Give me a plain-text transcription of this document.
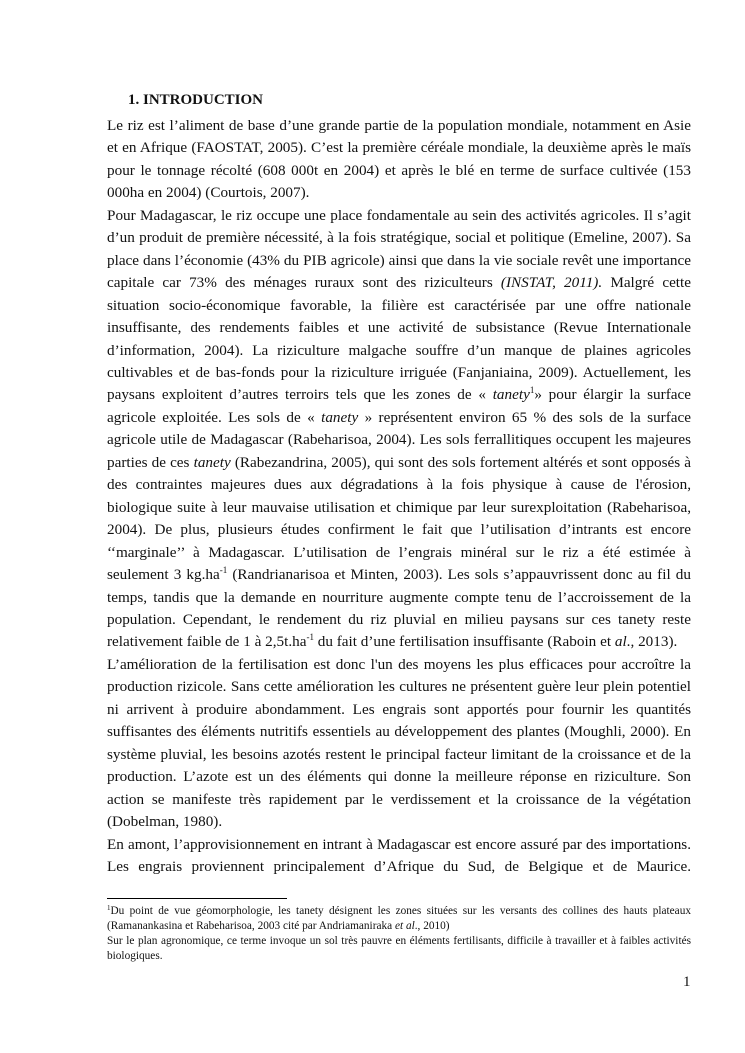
1. INTRODUCTION

Le riz est l’aliment de base d’une grande partie de la population mondiale, notamment en Asie et en Afrique (FAOSTAT, 2005). C’est la première céréale mondiale, la deuxième après le maïs pour le tonnage récolté (608 000t en 2004) et après le blé en terme de surface cultivée (153 000ha en 2004) (Courtois, 2007).

Pour Madagascar, le riz occupe une place fondamentale au sein des activités agricoles. Il s’agit d’un produit de première nécessité, à la fois stratégique, social et politique (Emeline, 2007). Sa place dans l’économie (43% du PIB agricole) ainsi que dans la vie sociale revêt une importance capitale car 73% des ménages ruraux sont des riziculteurs (INSTAT, 2011). Malgré cette situation socio-économique favorable, la filière est caractérisée par une offre nationale insuffisante, des rendements faibles et une activité de subsistance (Revue Internationale d’information, 2004). La riziculture malgache souffre d’un manque de plaines agricoles cultivables et de bas-fonds pour la riziculture irriguée (Fanjaniaina, 2009). Actuellement, les paysans exploitent d’autres terroirs tels que les zones de « tanety$^1$» pour élargir la surface agricole exploitée. Les sols de « tanety » représentent environ 65 % des sols de la surface agricole utile de Madagascar (Rabeharisoa, 2004). Les sols ferrallitiques occupent les majeures parties de ces tanety (Rabezandrina, 2005), qui sont des sols fortement altérés et sont opposés à des contraintes majeures dues aux dégradations à la fois physique à cause de l'érosion, biologique suite à leur mauvaise utilisation et chimique par leur surexploitation (Rabeharisoa, 2004). De plus, plusieurs études confirment le fait que l’utilisation d’intrants est encore ‘‘marginale’’ à Madagascar. L’utilisation de l’engrais minéral sur le riz a été estimée à seulement 3 $kg.ha^{-1}$ (Randrianarisoa et Minten, 2003). Les sols s’appauvrissent donc au fil du temps, tandis que la demande en nourriture augmente compte tenu de l’accroissement de la population. Cependant, le rendement du riz pluvial en milieu paysans sur ces tanety reste relativement faible de 1 à $2,5t.ha^{-1}$ du fait d’une fertilisation insuffisante (Raboin et al., 2013).

L’amélioration de la fertilisation est donc l'un des moyens les plus efficaces pour accroître la production rizicole. Sans cette amélioration les cultures ne présentent guère leur plein potentiel ni arrivent à produire abondamment. Les engrais sont apportés pour fournir les quantités suffisantes des éléments nutritifs essentiels au développement des plantes (Moughli, 2000). En système pluvial, les besoins azotés restent le principal facteur limitant de la croissance et de la production. L’azote est un des éléments qui donne la meilleure réponse en riziculture. Son action se manifeste très rapidement par le verdissement et la croissance de la végétation (Dobelman, 1980).

En amont, l’approvisionnement en intrant à Madagascar est encore assuré par des importations. Les engrais proviennent principalement d’Afrique du Sud, de Belgique et de Maurice.

$^1$Du point de vue géomorphologie, les tanety désignent les zones situées sur les versants des collines des hauts plateaux (Ramanankasina et Rabeharisoa, 2003 cité par Andriamaniraka et al., 2010)

Sur le plan agronomique, ce terme invoque un sol très pauvre en éléments fertilisants, difficile à travailler et à faibles activités biologiques.

1
